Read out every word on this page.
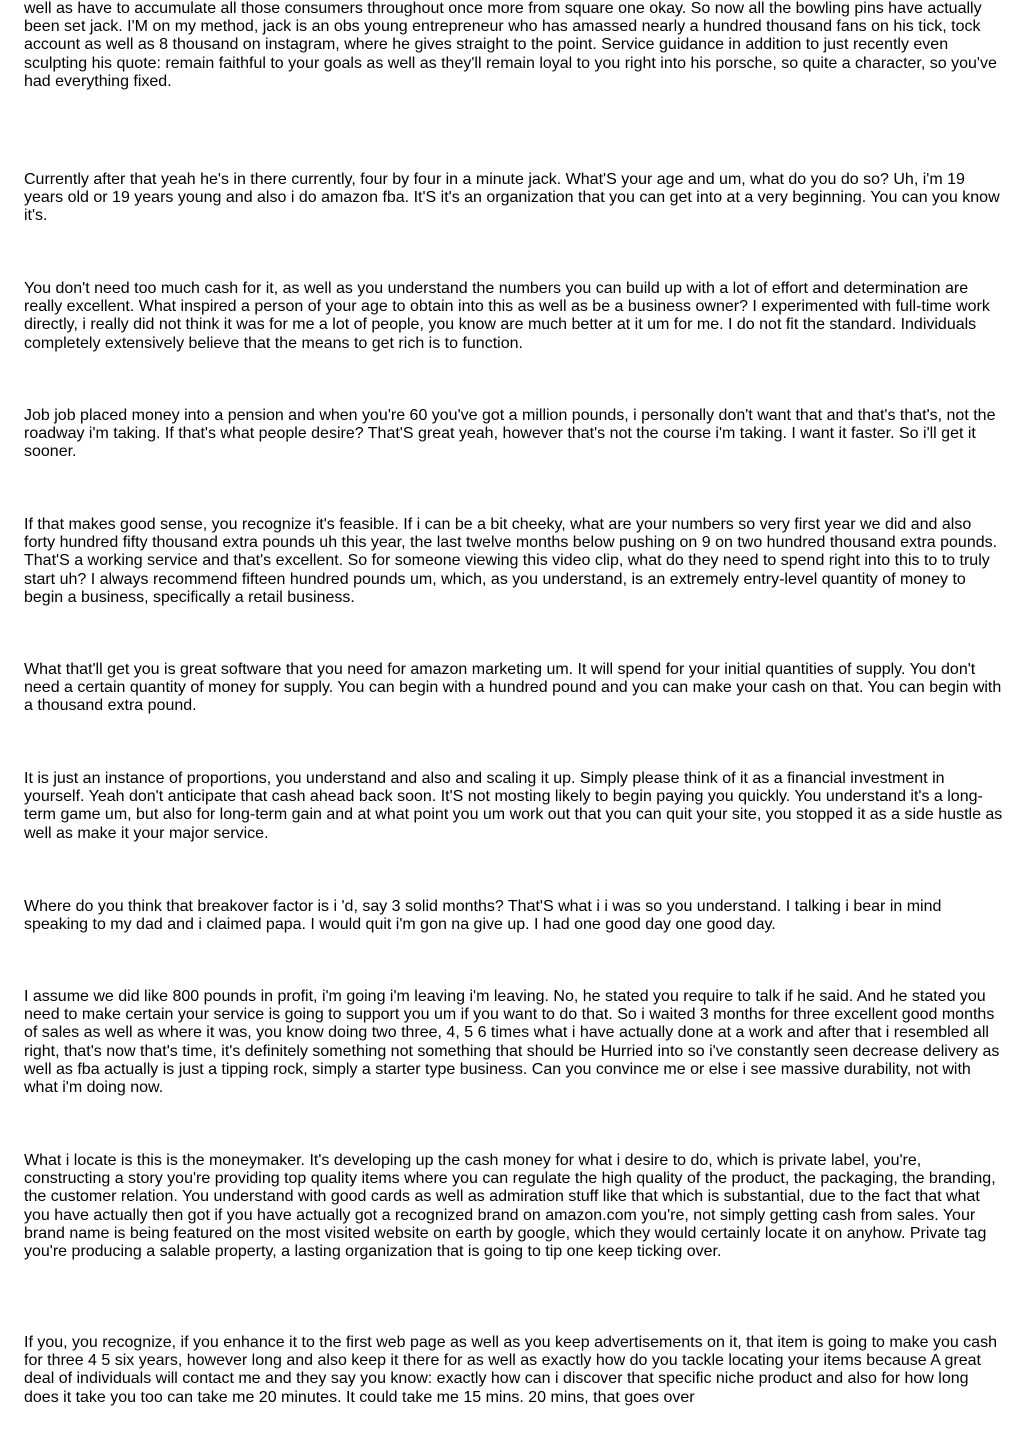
well as have to accumulate all those consumers throughout once more from square one okay. So now all the bowling pins have actually been set jack. I'M on my method, jack is an obs young entrepreneur who has amassed nearly a hundred thousand fans on his tick, tock account as well as 8 thousand on instagram, where he gives straight to the point. Service guidance in addition to just recently even sculpting his quote: remain faithful to your goals as well as they'll remain loyal to you right into his porsche, so quite a character, so you've had everything fixed.

Currently after that yeah he's in there currently, four by four in a minute jack. What'S your age and um, what do you do so? Uh, i'm 19 years old or 19 years young and also i do amazon fba. It'S it's an organization that you can get into at a very beginning. You can you know it's.

You don't need too much cash for it, as well as you understand the numbers you can build up with a lot of effort and determination are really excellent. What inspired a person of your age to obtain into this as well as be a business owner? I experimented with full-time work directly, i really did not think it was for me a lot of people, you know are much better at it um for me. I do not fit the standard. Individuals completely extensively believe that the means to get rich is to function.

Job job placed money into a pension and when you're 60 you've got a million pounds, i personally don't want that and that's that's, not the roadway i'm taking. If that's what people desire? That'S great yeah, however that's not the course i'm taking. I want it faster. So i'll get it sooner.

If that makes good sense, you recognize it's feasible. If i can be a bit cheeky, what are your numbers so very first year we did and also forty hundred fifty thousand extra pounds uh this year, the last twelve months below pushing on 9 on two hundred thousand extra pounds. That'S a working service and that's excellent. So for someone viewing this video clip, what do they need to spend right into this to to truly start uh? I always recommend fifteen hundred pounds um, which, as you understand, is an extremely entry-level quantity of money to begin a business, specifically a retail business.

What that'll get you is great software that you need for amazon marketing um. It will spend for your initial quantities of supply. You don't need a certain quantity of money for supply. You can begin with a hundred pound and you can make your cash on that. You can begin with a thousand extra pound.

It is just an instance of proportions, you understand and also and scaling it up. Simply please think of it as a financial investment in yourself. Yeah don't anticipate that cash ahead back soon. It'S not mosting likely to begin paying you quickly. You understand it's a long-term game um, but also for long-term gain and at what point you um work out that you can quit your site, you stopped it as a side hustle as well as make it your major service.

Where do you think that breakover factor is i 'd, say 3 solid months? That'S what i i was so you understand. I talking i bear in mind speaking to my dad and i claimed papa. I would quit i'm gon na give up. I had one good day one good day.

I assume we did like 800 pounds in profit, i'm going i'm leaving i'm leaving. No, he stated you require to talk if he said. And he stated you need to make certain your service is going to support you um if you want to do that. So i waited 3 months for three excellent good months of sales as well as where it was, you know doing two three, 4, 5 6 times what i have actually done at a work and after that i resembled all right, that's now that's time, it's definitely something not something that should be Hurried into so i've constantly seen decrease delivery as well as fba actually is just a tipping rock, simply a starter type business. Can you convince me or else i see massive durability, not with what i'm doing now.

What i locate is this is the moneymaker. It's developing up the cash money for what i desire to do, which is private label, you're, constructing a story you're providing top quality items where you can regulate the high quality of the product, the packaging, the branding, the customer relation. You understand with good cards as well as admiration stuff like that which is substantial, due to the fact that what you have actually then got if you have actually got a recognized brand on amazon.com you're, not simply getting cash from sales. Your brand name is being featured on the most visited website on earth by google, which they would certainly locate it on anyhow. Private tag you're producing a salable property, a lasting organization that is going to tip one keep ticking over.

If you, you recognize, if you enhance it to the first web page as well as you keep advertisements on it, that item is going to make you cash for three 4 5 six years, however long and also keep it there for as well as exactly how do you tackle locating your items because A great deal of individuals will contact me and they say you know: exactly how can i discover that specific niche product and also for how long does it take you too can take me 20 minutes. It could take me 15 mins. 20 mins, that goes over
